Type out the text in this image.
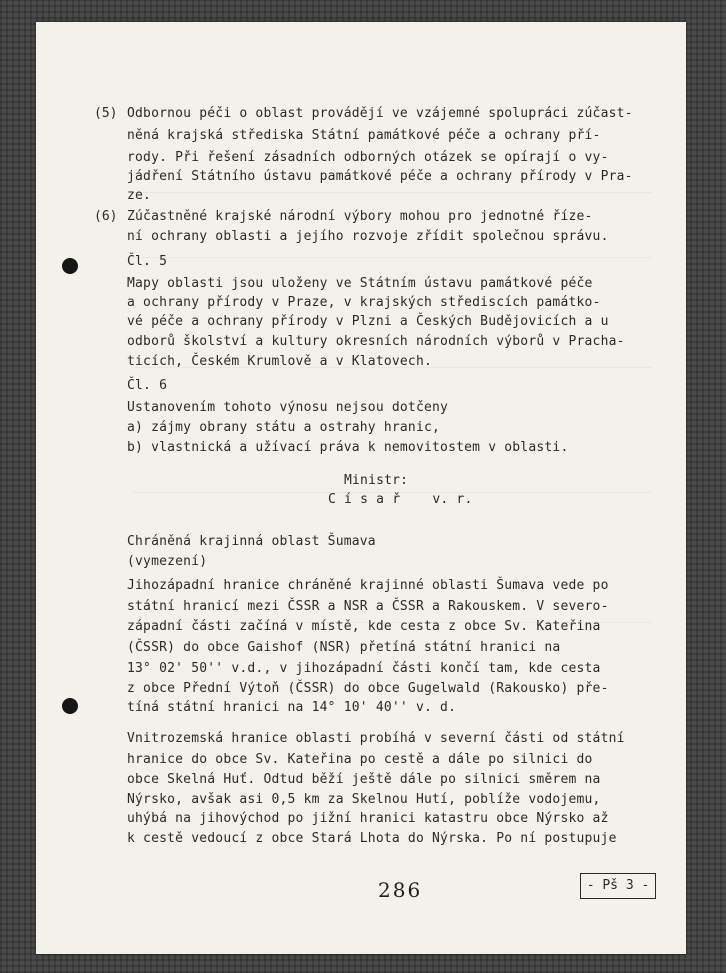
(5) Odbornou péči o oblast provádějí ve vzájemné spolupráci zúčast-
něná krajská střediska Státní památkové péče a ochrany pří-
rody. Při řešení zásadních odborných otázek se opírají o vy-
jádření Státního ústavu památkové péče a ochrany přírody v Pra-
ze.
(6) Zúčastněné krajské národní výbory mohou pro jednotné říze-
ní ochrany oblasti a jejího rozvoje zřídit společnou správu.
Čl. 5
Mapy oblasti jsou uloženy ve Státním ústavu památkové péče
a ochrany přírody v Praze, v krajských střediscích památko-
vé péče a ochrany přírody v Plzni a Českých Budějovicích a u
odborů školství a kultury okresních národních výborů v Pracha-
ticích, Českém Krumlově a v Klatovech.
Čl. 6
Ustanovením tohoto výnosu nejsou dotčeny
a) zájmy obrany státu a ostrahy hranic,
b) vlastnická a užívací práva k nemovitostem v oblasti.
Ministr:
C í s a ř    v. r.
Chráněná krajinná oblast Šumava
(vymezení)
Jihozápadní hranice chráněné krajinné oblasti Šumava vede po
státní hranicí mezi ČSSR a NSR a ČSSR a Rakouskem. V severo-
západní části začíná v místě, kde cesta z obce Sv. Kateřina
(ČSSR) do obce Gaishof (NSR) přetíná státní hranici na
13° 02' 50'' v.d., v jihozápadní části končí tam, kde cesta
z obce Přední Výtoň (ČSSR) do obce Gugelwald (Rakousko) pře-
tíná státní hranici na 14° 10' 40'' v. d.
Vnitrozemská hranice oblasti probíhá v severní části od státní
hranice do obce Sv. Kateřina po cestě a dále po silnici do
obce Skelná Huť. Odtud běží ještě dále po silnici směrem na
Nýrsko, avšak asi 0,5 km za Skelnou Hutí, poblíže vodojemu,
uhýbá na jihovýchod po jižní hranici katastru obce Nýrsko až
k cestě vedoucí z obce Stará Lhota do Nýrska. Po ní postupuje
286	- Pš 3 -
